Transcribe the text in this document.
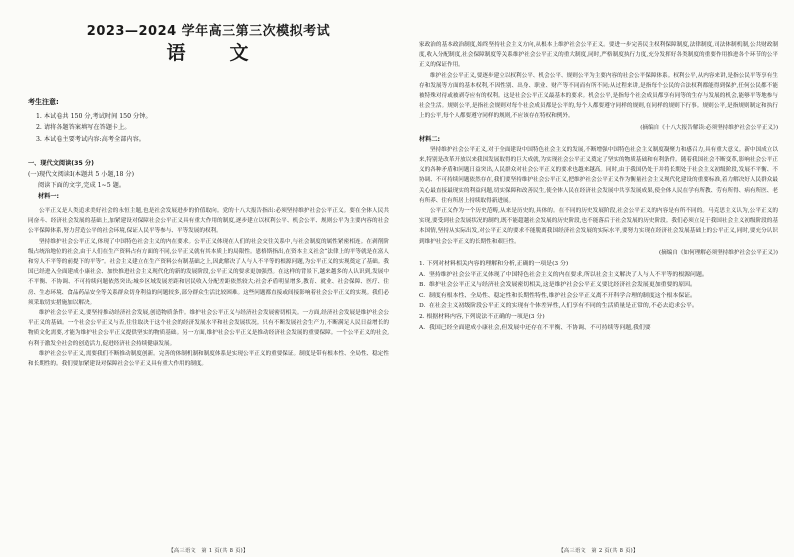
2023—2024 学年高三第三次模拟考试
语　　文
考生注意:
1. 本试卷共 150 分,考试时间 150 分钟。
2. 请将各题答案填写在答题卡上。
3. 本试卷主要考试内容:高考全部内容。
一、现代文阅读(35 分)
(一)现代文阅读Ⅰ(本题共 5 小题,18 分)
阅读下面的文字,完成 1~5 题。
材料一:

公平正义是人类追求美好社会的永恒主题,也是社会发展进步的价值取向。党的十八大报告指出:必须坚持维护社会公平正义。要在全体人民共同奋斗、经济社会发展的基础上,加紧建设对保障社会公平正义具有重大作用的制度,逐步建立以权利公平、机会公平、规则公平为主要内容的社会公平保障体系,努力营造公平的社会环境,保证人民平等参与、平等发展的权利。

坚持维护社会公平正义,体现了中国特色社会主义的内在要求。公平正义体现在人们的社会交往关系中,与社会制度的属性紧密相连。在剥削阶级占统治地位的社会,由于人们在生产资料占有方面的不同,公平正义就有其本质上的局限性。恩格斯指出,在资本主义社会“法律上的平等就是在富人和穷人不平等的前提下的平等”。社会主义建立在生产资料公有制基础之上,因此解决了人与人不平等的根源问题,为公平正义的实现奠定了基础。我国已经进入全面建成小康社会、加快推进社会主义现代化的新的发展阶段,公平正义的要求更加强烈。在这样的背景下,越来越多的人认识到,发展中不平衡、不协调、不可持续问题依然突出;城乡区域发展差距和居民收入分配差距依然较大;社会矛盾明显增多,教育、就业、社会保障、医疗、住房、生态环境、食品药品安全等关系群众切身利益的问题较多,部分群众生活比较困难。这些问题都直接或间接影响着社会公平正义的实现。我们必须采取切实措施加以解决。

维护社会公平正义,要坚持推动经济社会发展,创造物质条件。维护社会公平正义与经济社会发展密切相关。一方面,经济社会发展是维护社会公平正义的基础。一个社会公平正义与否,往往取决于这个社会的经济发展水平和社会发展状况。只有不断发展社会生产力,不断满足人民日益增长的物质文化需要,才能为维护社会公平正义提供坚实的物质基础。另一方面,维护社会公平正义是推动经济社会发展的重要保障。一个公平正义的社会,有利于激发全社会的创造活力,促进经济社会持续健康发展。

维护社会公平正义,需要我们不断推动制度创新。完善的体制机制和制度体系是实现公平正义的重要保证。制度是带有根本性、全局性、稳定性和长期性的。我们要加紧建设对保障社会公平正义具有重大作用的制度。

【高三语文　第 1 页(共 8 页)】

家政治的基本政治制度,始终坚持社会主义方向,从根本上维护社会公平正义。要进一步完善民主权利保障制度,法律制度,司法体制机制,公共财政制度,收入分配制度,社会保障制度等关系维护社会公平正义的重大制度,同时,严格制度执行力度,充分发挥好各类制度的重要作用推进各个环节的公平正义的保证作用。

维护社会公平正义,要逐步建立以权利公平、机会公平、规则公平为主要内容的社会公平保障体系。权利公平,从内容来讲,是指公民平等享有生存和发展等方面的基本权利,不因性别、出身、职业、财产等不同而有所不同;从过程来讲,是指每个公民的合法权利都能得到保护,任何公民都不能被特殊对待或被剥夺应有的权利。这是社会公平正义最基本的要求。机会公平,是指每个社会成员都享有同等的生存与发展的机会,能够平等地参与社会生活。规则公平,是指社会规则对每个社会成员都是公平的,每个人都要遵守同样的规则,在同样的规则下行事。规则公平,是指规则制定和执行上的公平,每个人都要遵守同样的规则,不应该存在特权和例外。

(摘编自《十八大报告解读:必须坚持维护社会公平正义》)
材料二:

坚持维护社会公平正义,对于全面建设中国特色社会主义的发展,不断增强中国特色社会主义制度凝聚力和感召力,具有重大意义。新中国成立以来,特别是改革开放以来我国发展取得的巨大成就,为实现社会公平正义奠定了坚实的物质基础和有利条件。随着我国社会不断变革,影响社会公平正义的各种矛盾和问题日益突出,人民群众对社会公平正义的要求也越来越高。同时,由于我国仍处于并将长期处于社会主义初级阶段,发展不平衡、不协调、不可持续问题依然存在,我们要坚持维护社会公平正义,把维护社会公平正义作为衡量社会主义现代化建设的重要标准,着力解决好人民群众最关心最直接最现实的利益问题,切实保障和改善民生,使全体人民在经济社会发展中共享发展成果,使全体人民在学有所教、劳有所得、病有所医、老有所养、住有所居上持续取得新进展。

公平正义作为一个历史范畴,从来是历史的,具体的。在不同的历史发展阶段,社会公平正义的内容是有所不同的。马克思主义认为,公平正义的实现,要受到社会发展状况的制约,既不能超越社会发展的历史阶段,也不能落后于社会发展的历史阶段。我们必须立足于我国社会主义初级阶段的基本国情,坚持从实际出发,对公平正义的要求不能脱离我国经济社会发展的实际水平,要努力实现在经济社会发展基础上的公平正义,同时,要充分认识到维护社会公平正义的长期性和艰巨性。

(摘编自《如何理解必须坚持维护社会公平正义》)
1. 下列对材料相关内容的理解和分析,正确的一项是(3 分)
A. 坚持维护社会公平正义体现了中国特色社会主义的内在要求,所以社会主义解决了人与人不平等的根源问题。
B. 维护社会公平正义与经济社会发展密切相关,这是维护社会公平正义要比经济社会发展更加重要的原因。
C. 制度有根本性、全局性、稳定性和长期性特性,维护社会公平正义离不开科学合理的制度这个根本保证。
D. 在社会主义初级阶段公平正义的实现有个体差异性,人们享有不同的生活质量是正常的,不必去追求公平。
2. 根据材料内容,下列说法不正确的一项是(3 分)
A. 我国已经全面建成小康社会,但发展中还存在不平衡、不协调、不可持续等问题,我们要
【高三语文　第 2 页(共 8 页)】
